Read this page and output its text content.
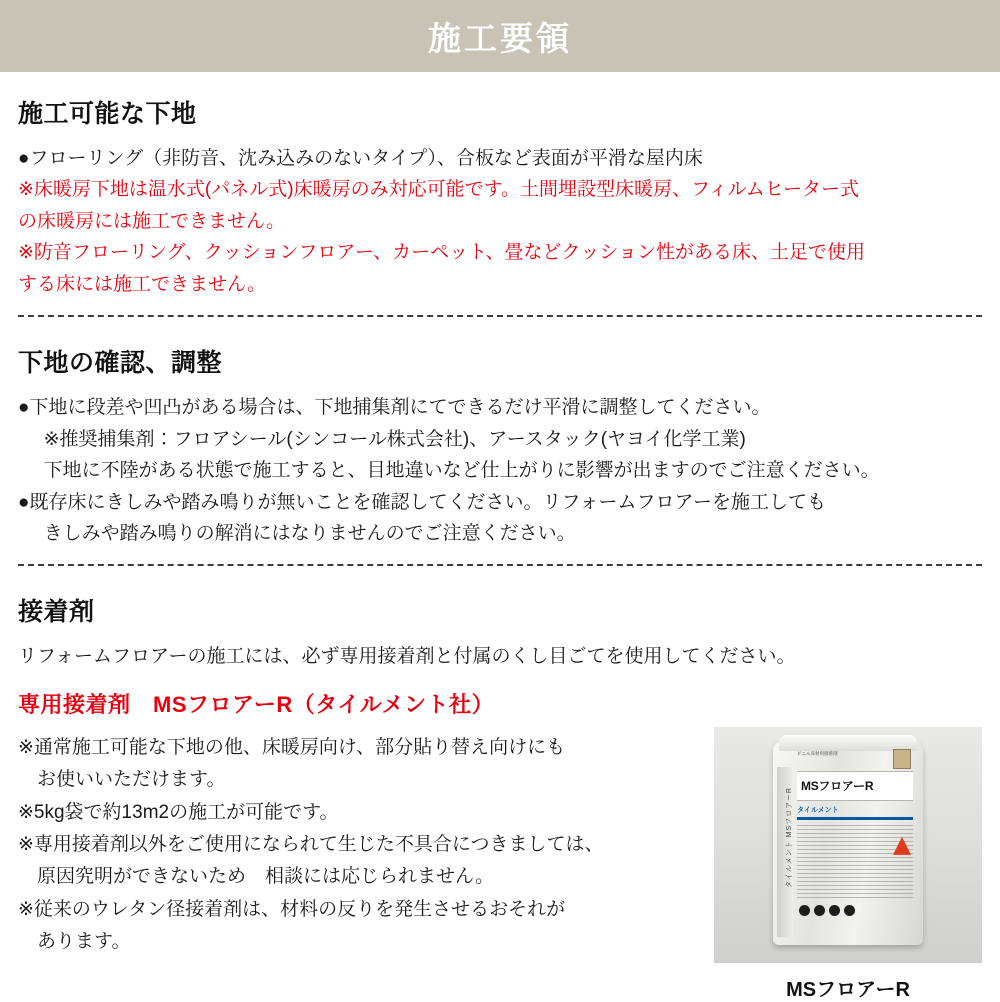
施工要領
施工可能な下地

●フローリング（非防音、沈み込みのないタイプ）、合板など表面が平滑な屋内床

※床暖房下地は温水式(パネル式)床暖房のみ対応可能です。土間埋設型床暖房、フィルムヒーター式

の床暖房には施工できません。

※防音フローリング、クッションフロアー、カーペット、畳などクッション性がある床、土足で使用

する床には施工できません。

下地の確認、調整

●下地に段差や凹凸がある場合は、下地捕集剤にてできるだけ平滑に調整してください。

※推奨捕集剤：フロアシール(シンコール株式会社)、アースタック(ヤヨイ化学工業)

下地に不陸がある状態で施工すると、目地違いなど仕上がりに影響が出ますのでご注意ください。

●既存床にきしみや踏み鳴りが無いことを確認してください。リフォームフロアーを施工しても

きしみや踏み鳴りの解消にはなりませんのでご注意ください。

接着剤

リフォームフロアーの施工には、必ず専用接着剤と付属のくし目ごてを使用してください。

専用接着剤　MSフロアーR（タイルメント社）

※通常施工可能な下地の他、床暖房向け、部分貼り替え向けにも

　お使いいただけます。

※5kg袋で約13m2の施工が可能です。

※専用接着剤以外をご使用になられて生じた不具合につきましては、

　原因究明ができないため　相談には応じられません。

※従来のウレタン径接着剤は、材料の反りを発生させるおそれが

　あります。

タイルメント MSフロアーR
ビニル床材用接着剤
MSフロアーR
タイルメント
MSフロアーR
